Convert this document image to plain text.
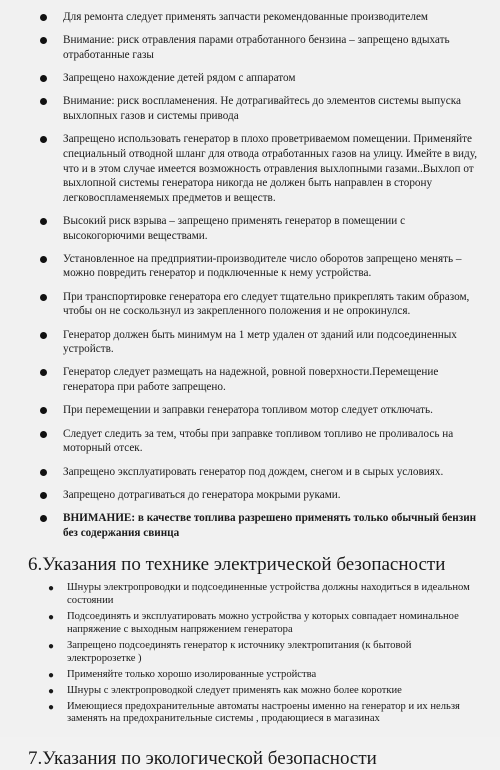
Для ремонта следует применять запчасти рекомендованные производителем
Внимание: риск отравления парами отработанного бензина – запрещено вдыхать отработанные газы
Запрещено нахождение детей рядом с аппаратом
Внимание: риск воспламенения. Не дотрагивайтесь до элементов системы выпуска выхлопных газов и системы привода
Запрещено использовать генератор в плохо проветриваемом помещении. Применяйте специальный отводной шланг для отвода отработанных газов на улицу. Имейте в виду, что и в этом случае имеется возможность отравления выхлопными газами..Выхлоп от выхлопной системы генератора никогда не должен быть направлен в сторону легковоспламеняемых предметов и веществ.
Высокий риск взрыва – запрещено применять генератор в помещении с высокогорючими веществами.
Установленное на предприятии-производителе число оборотов запрещено менять – можно повредить генератор и подключенные к нему устройства.
При транспортировке генератора его следует тщательно прикреплять таким образом, чтобы он не соскользнул из закрепленного положения и не опрокинулся.
Генератор должен быть минимум на 1 метр удален от зданий или подсоединенных устройств.
Генератор следует размещать на надежной, ровной поверхности.Перемещение генератора при работе запрещено.
При перемещении и заправки генератора топливом мотор следует отключать.
Следует следить за тем, чтобы при заправке топливом топливо не проливалось на моторный отсек.
Запрещено эксплуатировать генератор под дождем, снегом и в сырых условиях.
Запрещено дотрагиваться до генератора мокрыми руками.
ВНИМАНИЕ: в качестве топлива разрешено применять только обычный бензин без содержания свинца
6.Указания по технике электрической безопасности
● Шнуры электропроводки и подсоединенные устройства должны находиться в идеальном состоянии
● Подсоединять и эксплуатировать можно устройства у которых совпадает номинальное напряжение с выходным напряжением генератора
● Запрещено подсоединять генератор к источнику электропитания (к бытовой электророзетке )
● Применяйте только хорошо изолированные устройства
● Шнуры с электропроводкой следует применять как можно более короткие
● Имеющиеся предохранительные автоматы настроены именно на генератор и их нельзя заменять на предохранительные системы , продающиеся в магазинах
7.Указания по экологической безопасности
